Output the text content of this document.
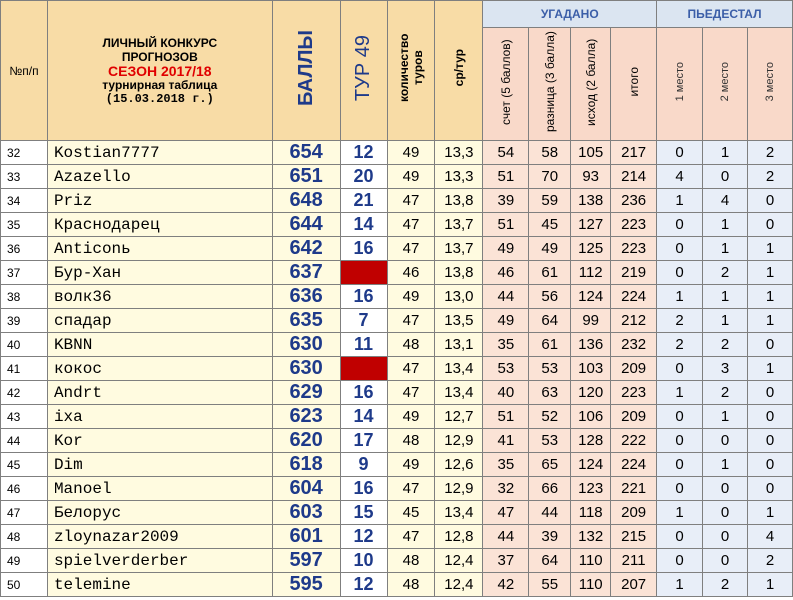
№п/п	ЛИЧНЫЙ КОНКУРС
ПРОГНОЗОВ
СЕЗОН 2017/18
турнирная таблица
(15.03.2018 г.)	БАЛЛЫ	ТУР 49	количество туров	ср/тур	УГАДАНО				ПЬЕДЕСТАЛ		
						счет (5 баллов)	разница (3 балла)	исход (2 балла)	итого	1 место	2 место	3 место
32	Kostian7777	654	12	49	13,3	54	58	105	217	0	1	2
33	Azazello	651	20	49	13,3	51	70	93	214	4	0	2
34	Priz	648	21	47	13,8	39	59	138	236	1	4	0
35	Краснодарец	644	14	47	13,7	51	45	127	223	0	1	0
36	Anticonь	642	16	47	13,7	49	49	125	223	0	1	1
37	Бур-Хан	637		46	13,8	46	61	112	219	0	2	1
38	волк36	636	16	49	13,0	44	56	124	224	1	1	1
39	спадар	635	7	47	13,5	49	64	99	212	2	1	1
40	KBNN	630	11	48	13,1	35	61	136	232	2	2	0
41	кокос	630		47	13,4	53	53	103	209	0	3	1
42	Andrt	629	16	47	13,4	40	63	120	223	1	2	0
43	ixa	623	14	49	12,7	51	52	106	209	0	1	0
44	Kor	620	17	48	12,9	41	53	128	222	0	0	0
45	Dim	618	9	49	12,6	35	65	124	224	0	1	0
46	Manoel	604	16	47	12,9	32	66	123	221	0	0	0
47	Белорус	603	15	45	13,4	47	44	118	209	1	0	1
48	zloynazar2009	601	12	47	12,8	44	39	132	215	0	0	4
49	spielverderber	597	10	48	12,4	37	64	110	211	0	0	2
50	telemine	595	12	48	12,4	42	55	110	207	1	2	1
